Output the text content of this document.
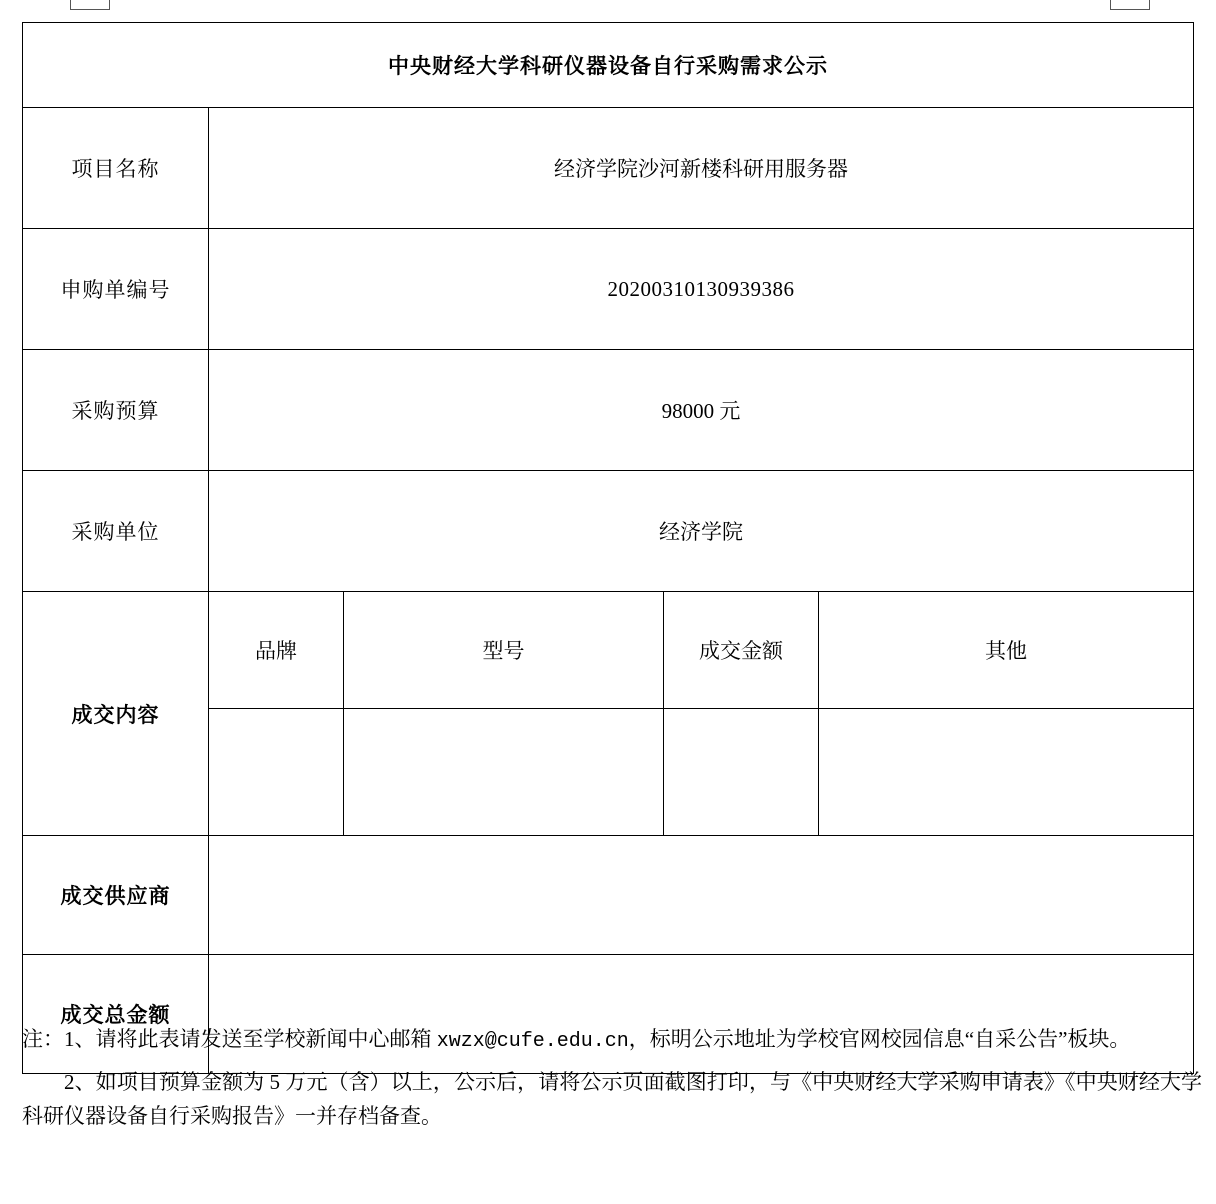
中央财经大学科研仪器设备自行采购需求公示				
项目名称	经济学院沙河新楼科研用服务器			
申购单编号	20200310130939386			
采购预算	98000 元			
采购单位	经济学院			
成交内容	品牌	型号	成交金额	其他

成交供应商				
成交总金额				

注：1、请将此表请发送至学校新闻中心邮箱 xwzx@cufe.edu.cn，标明公示地址为学校官网校园信息“自采公告”板块。

2、如项目预算金额为 5 万元（含）以上，公示后，请将公示页面截图打印，与《中央财经大学采购申请表》《中央财经大学科研仪器设备自行采购报告》一并存档备查。
